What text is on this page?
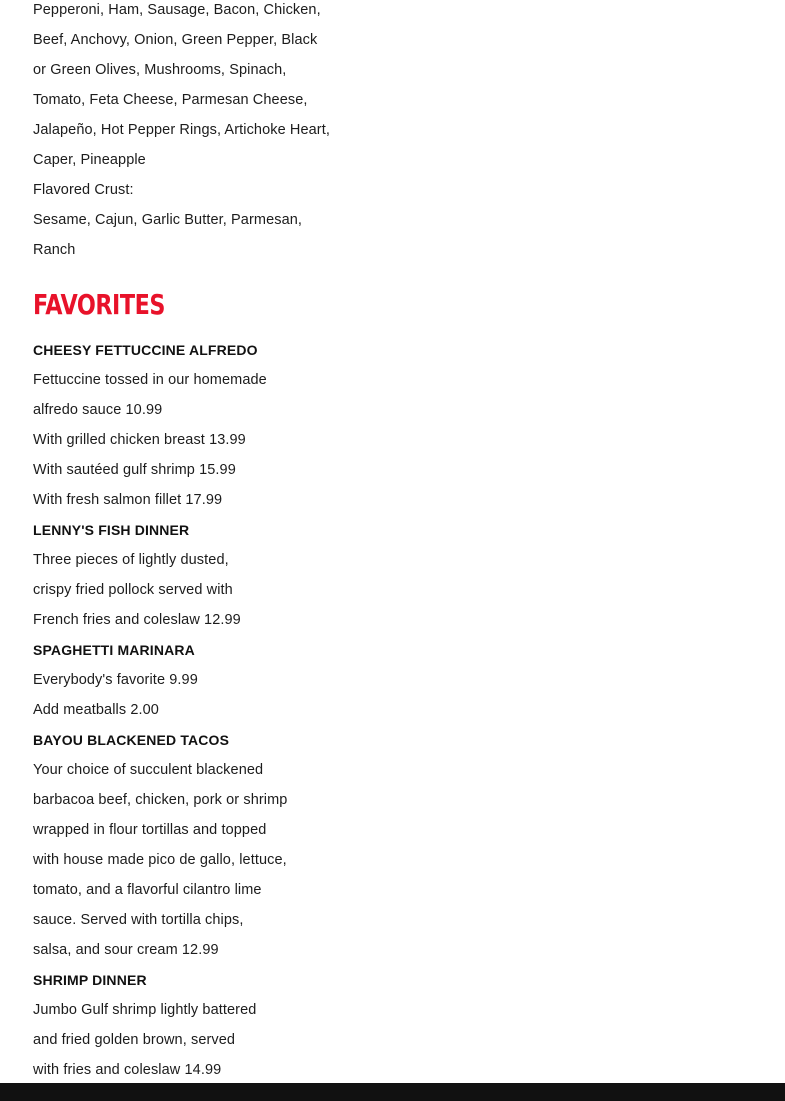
Pepperoni, Ham, Sausage, Bacon, Chicken,
Beef, Anchovy, Onion, Green Pepper, Black
or Green Olives, Mushrooms, Spinach,
Tomato, Feta Cheese, Parmesan Cheese,
Jalapeño, Hot Pepper Rings, Artichoke Heart,
Caper, Pineapple
Flavored Crust:
Sesame, Cajun, Garlic Butter, Parmesan,
Ranch
FAVORITES
CHEESY FETTUCCINE ALFREDO
Fettuccine tossed in our homemade
alfredo sauce 10.99
With grilled chicken breast 13.99
With sautéed gulf shrimp 15.99
With fresh salmon fillet 17.99
LENNY'S FISH DINNER
Three pieces of lightly dusted,
crispy fried pollock served with
French fries and coleslaw 12.99
SPAGHETTI MARINARA
Everybody's favorite 9.99
Add meatballs 2.00
BAYOU BLACKENED TACOS
Your choice of succulent blackened
barbacoa beef, chicken, pork or shrimp
wrapped in flour tortillas and topped
with house made pico de gallo, lettuce,
tomato, and a flavorful cilantro lime
sauce. Served with tortilla chips,
salsa, and sour cream 12.99
SHRIMP DINNER
Jumbo Gulf shrimp lightly battered
and fried golden brown, served
with fries and coleslaw 14.99
